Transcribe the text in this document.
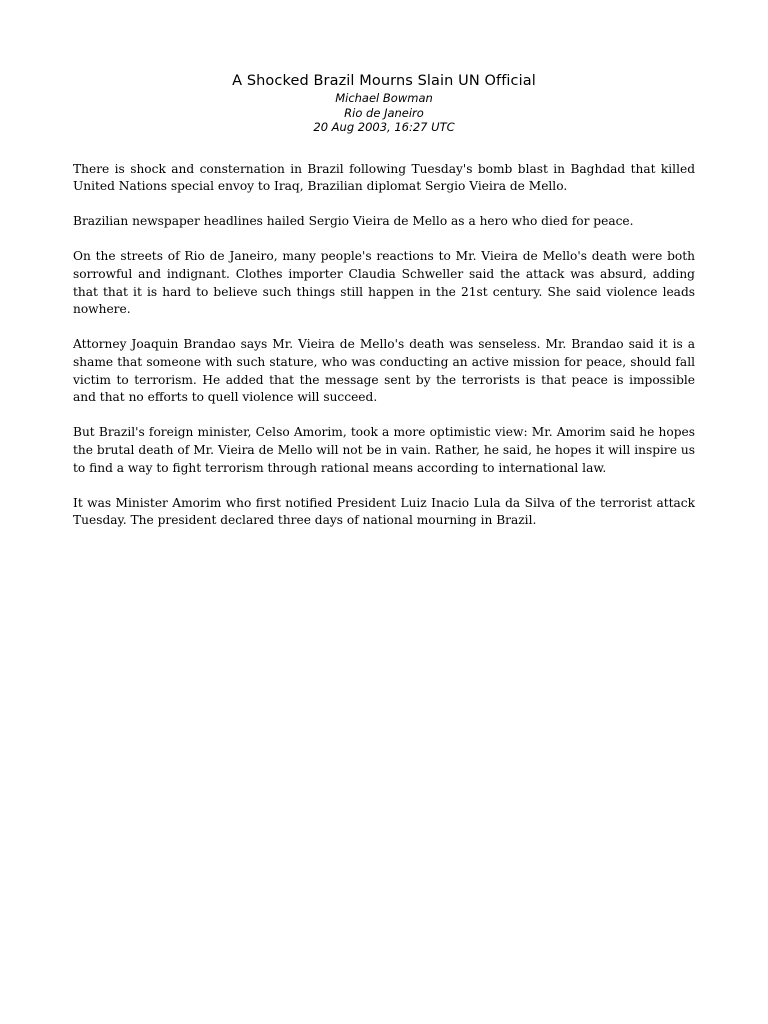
A Shocked Brazil Mourns Slain UN Official
Michael Bowman
Rio de Janeiro
20 Aug 2003, 16:27 UTC

There is shock and consternation in Brazil following Tuesday's bomb blast in Baghdad that killed United Nations special envoy to Iraq, Brazilian diplomat Sergio Vieira de Mello.

Brazilian newspaper headlines hailed Sergio Vieira de Mello as a hero who died for peace.

On the streets of Rio de Janeiro, many people's reactions to Mr. Vieira de Mello's death were both sorrowful and indignant. Clothes importer Claudia Schweller said the attack was absurd, adding that that it is hard to believe such things still happen in the 21st century. She said violence leads nowhere.

Attorney Joaquin Brandao says Mr. Vieira de Mello's death was senseless. Mr. Brandao said it is a shame that someone with such stature, who was conducting an active mission for peace, should fall victim to terrorism. He added that the message sent by the terrorists is that peace is impossible and that no efforts to quell violence will succeed.

But Brazil's foreign minister, Celso Amorim, took a more optimistic view: Mr. Amorim said he hopes the brutal death of Mr. Vieira de Mello will not be in vain. Rather, he said, he hopes it will inspire us to find a way to fight terrorism through rational means according to international law.

It was Minister Amorim who first notified President Luiz Inacio Lula da Silva of the terrorist attack Tuesday. The president declared three days of national mourning in Brazil.
